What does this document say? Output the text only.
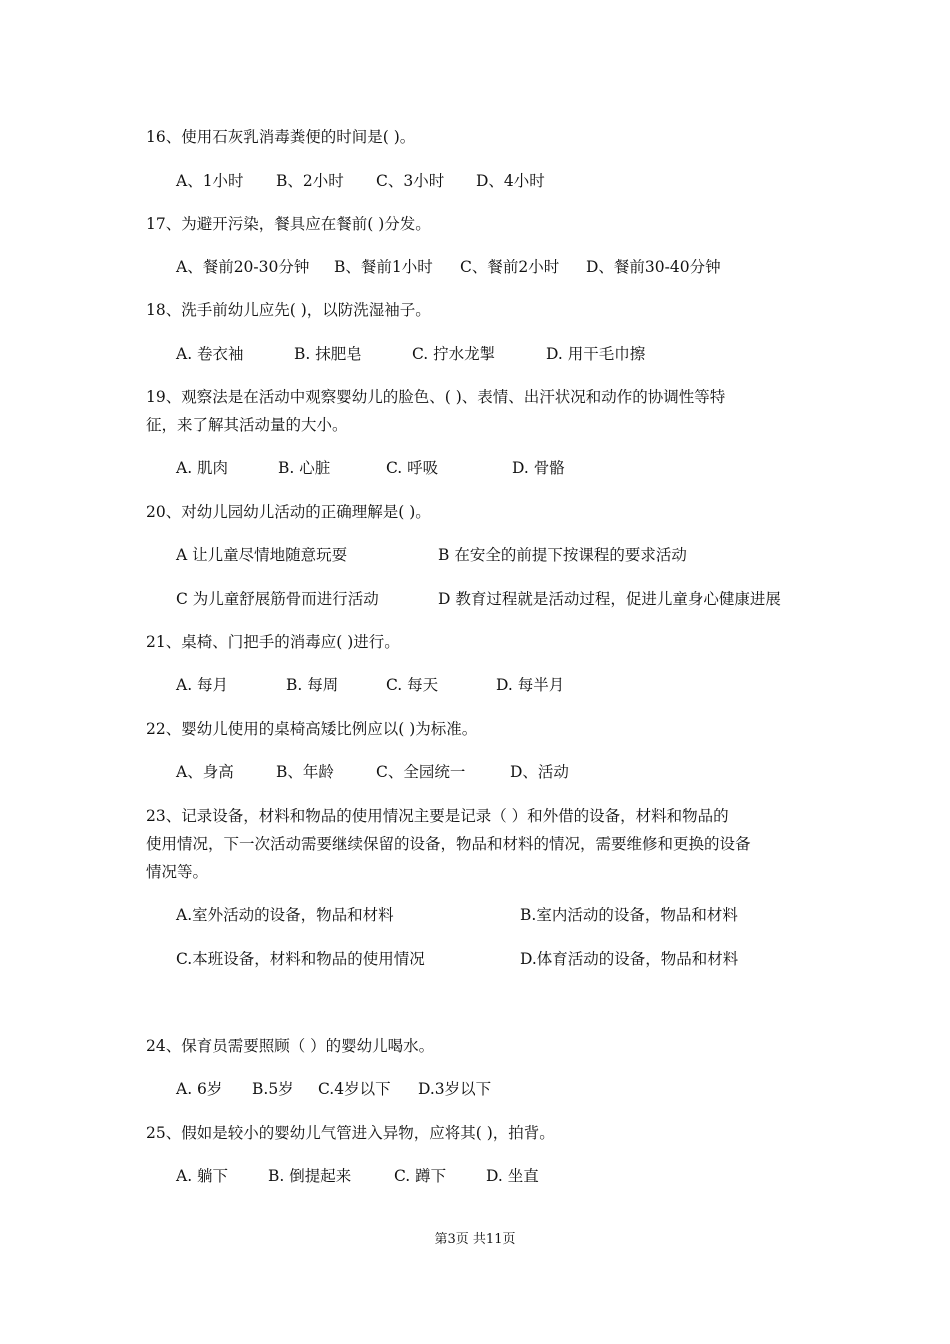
16、使用石灰乳消毒粪便的时间是( )。
A、1小时 B、2小时 C、3小时 D、4小时
17、为避开污染，餐具应在餐前( )分发。
A、餐前20-30分钟 B、餐前1小时 C、餐前2小时 D、餐前30-40分钟
18、洗手前幼儿应先( )，以防洗湿袖子。
A. 卷衣袖	B. 抹肥皂	C. 拧水龙掣	D. 用干毛巾擦
19、观察法是在活动中观察婴幼儿的脸色、( )、表情、出汗状况和动作的协调性等特
征，来了解其活动量的大小。
A. 肌肉	B. 心脏	C. 呼吸	D. 骨骼
20、对幼儿园幼儿活动的正确理解是( )。
A 让儿童尽情地随意玩耍	B 在安全的前提下按课程的要求活动
C 为儿童舒展筋骨而进行活动	D 教育过程就是活动过程，促进儿童身心健康进展
21、桌椅、门把手的消毒应( )进行。
A. 每月	B. 每周	C. 每天	D. 每半月
22、婴幼儿使用的桌椅高矮比例应以( )为标准。
A、身高	B、年龄	C、全园统一	D、活动
23、记录设备，材料和物品的使用情况主要是记录（ ）和外借的设备，材料和物品的
使用情况，下一次活动需要继续保留的设备，物品和材料的情况，需要维修和更换的设备
情况等。
A.室外活动的设备，物品和材料	B.室内活动的设备，物品和材料
C.本班设备，材料和物品的使用情况	D.体育活动的设备，物品和材料
24、保育员需要照顾（ ）的婴幼儿喝水。
A. 6岁 B.5岁 C.4岁以下 D.3岁以下
25、假如是较小的婴幼儿气管进入异物，应将其( )，拍背。
A. 躺下	B. 倒提起来	C. 蹲下	D. 坐直
第3页 共11页
